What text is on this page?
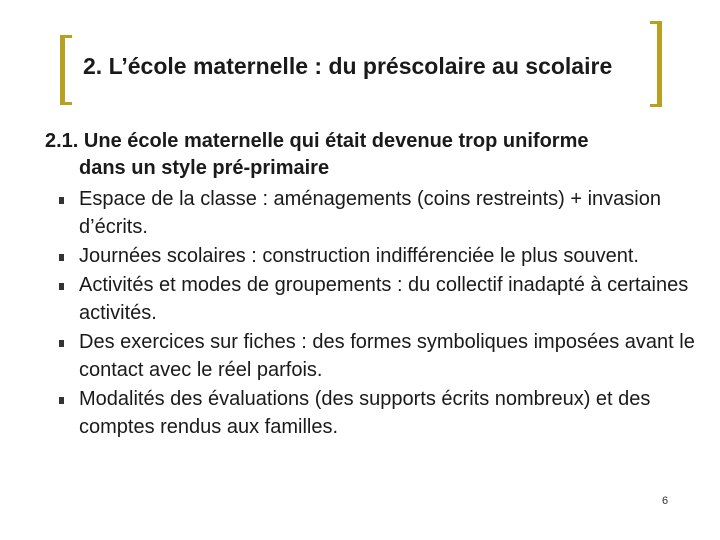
2. L’école maternelle : du préscolaire au scolaire

2.1. Une école maternelle qui était devenue trop uniforme
dans un style pré-primaire

Espace de la classe : aménagements (coins restreints) + invasion d’écrits.
Journées scolaires : construction indifférenciée le plus souvent.
Activités et modes de groupements : du collectif inadapté à certaines activités.
Des exercices sur fiches : des formes symboliques imposées avant le contact avec le réel parfois.
Modalités des évaluations (des supports écrits nombreux) et des comptes rendus aux familles.
6
